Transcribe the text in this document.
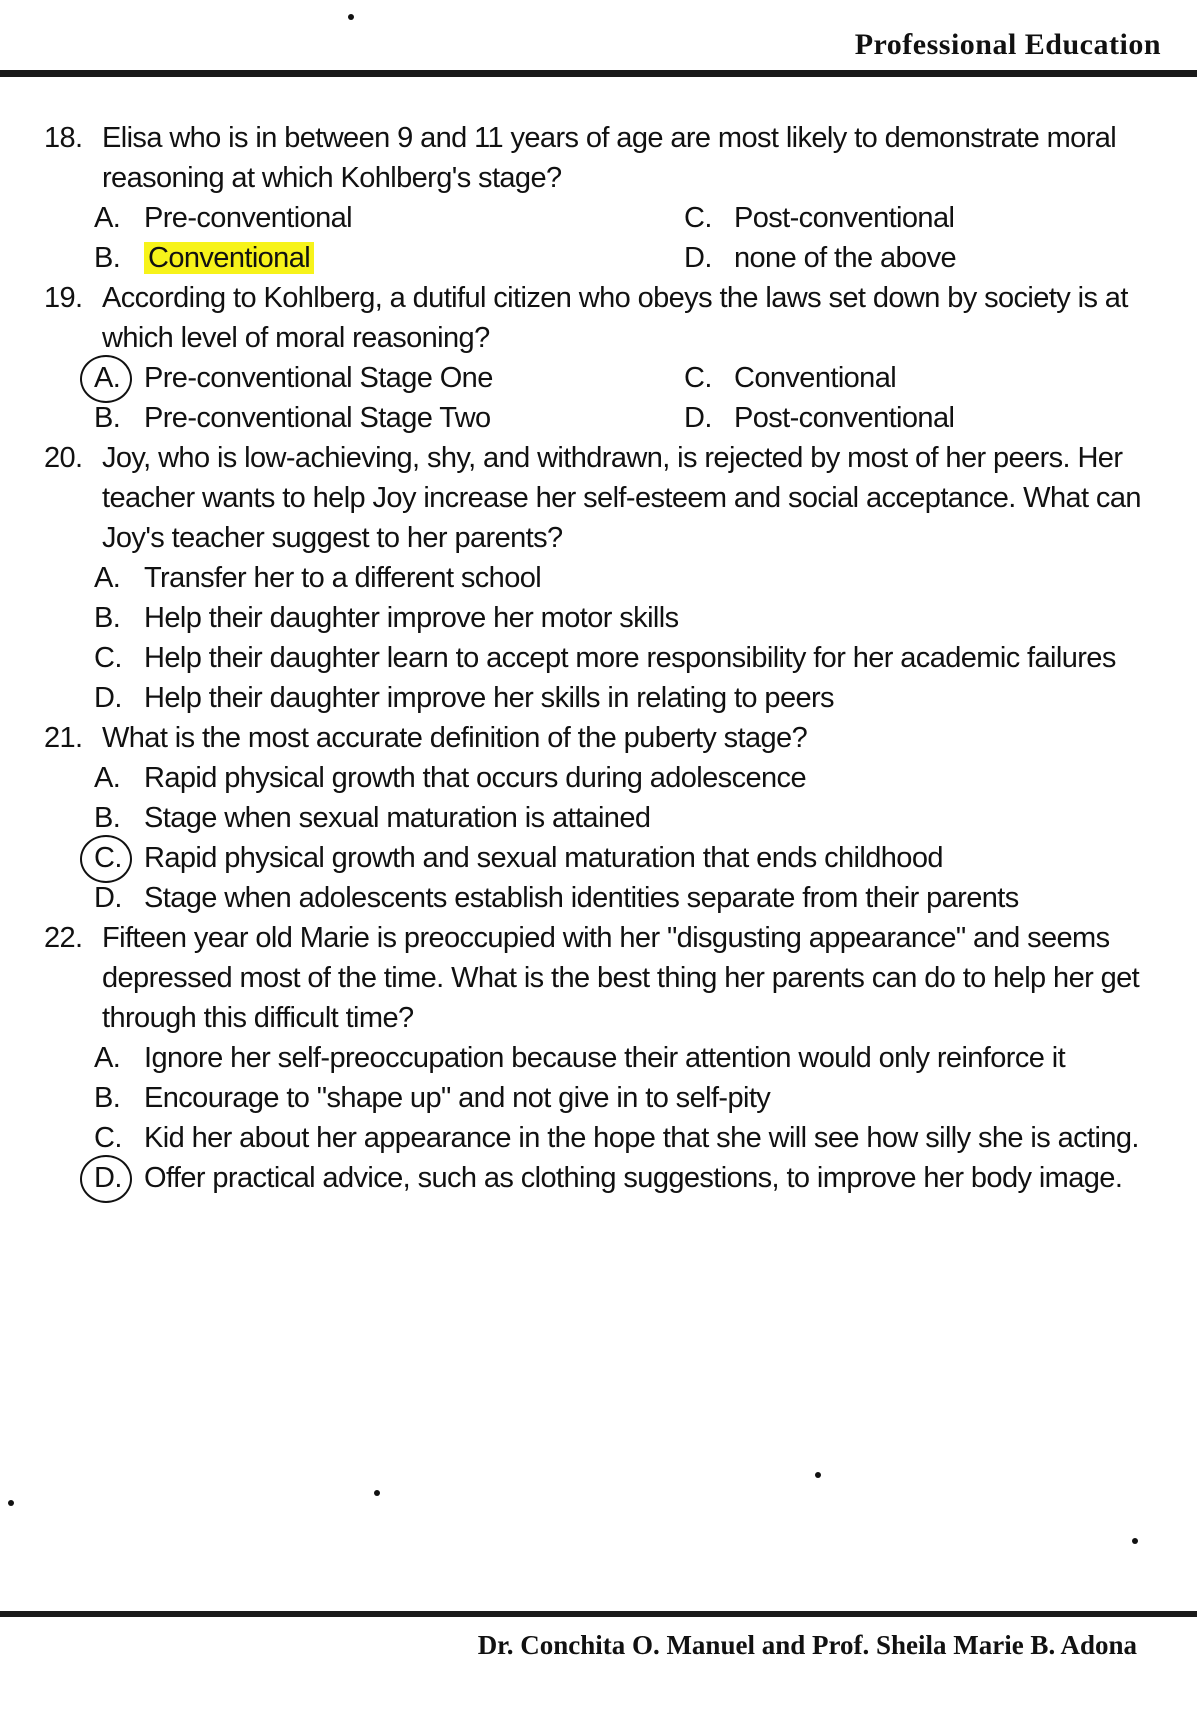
Professional Education
18. Elisa who is in between 9 and 11 years of age are most likely to demonstrate moral reasoning at which Kohlberg's stage?
A. Pre-conventional	C. Post-conventional
B. Conventional	D. none of the above
19. According to Kohlberg, a dutiful citizen who obeys the laws set down by society is at which level of moral reasoning?
A. Pre-conventional Stage One	C. Conventional
B. Pre-conventional Stage Two	D. Post-conventional
20. Joy, who is low-achieving, shy, and withdrawn, is rejected by most of her peers. Her teacher wants to help Joy increase her self-esteem and social acceptance. What can Joy's teacher suggest to her parents?
A. Transfer her to a different school
B. Help their daughter improve her motor skills
C. Help their daughter learn to accept more responsibility for her academic failures
D. Help their daughter improve her skills in relating to peers
21. What is the most accurate definition of the puberty stage?
A. Rapid physical growth that occurs during adolescence
B. Stage when sexual maturation is attained
C. Rapid physical growth and sexual maturation that ends childhood
D. Stage when adolescents establish identities separate from their parents
22. Fifteen year old Marie is preoccupied with her "disgusting appearance" and seems depressed most of the time. What is the best thing her parents can do to help her get through this difficult time?
A. Ignore her self-preoccupation because their attention would only reinforce it
B. Encourage to "shape up" and not give in to self-pity
C. Kid her about her appearance in the hope that she will see how silly she is acting.
D. Offer practical advice, such as clothing suggestions, to improve her body image.
Dr. Conchita O. Manuel and Prof. Sheila Marie B. Adona
